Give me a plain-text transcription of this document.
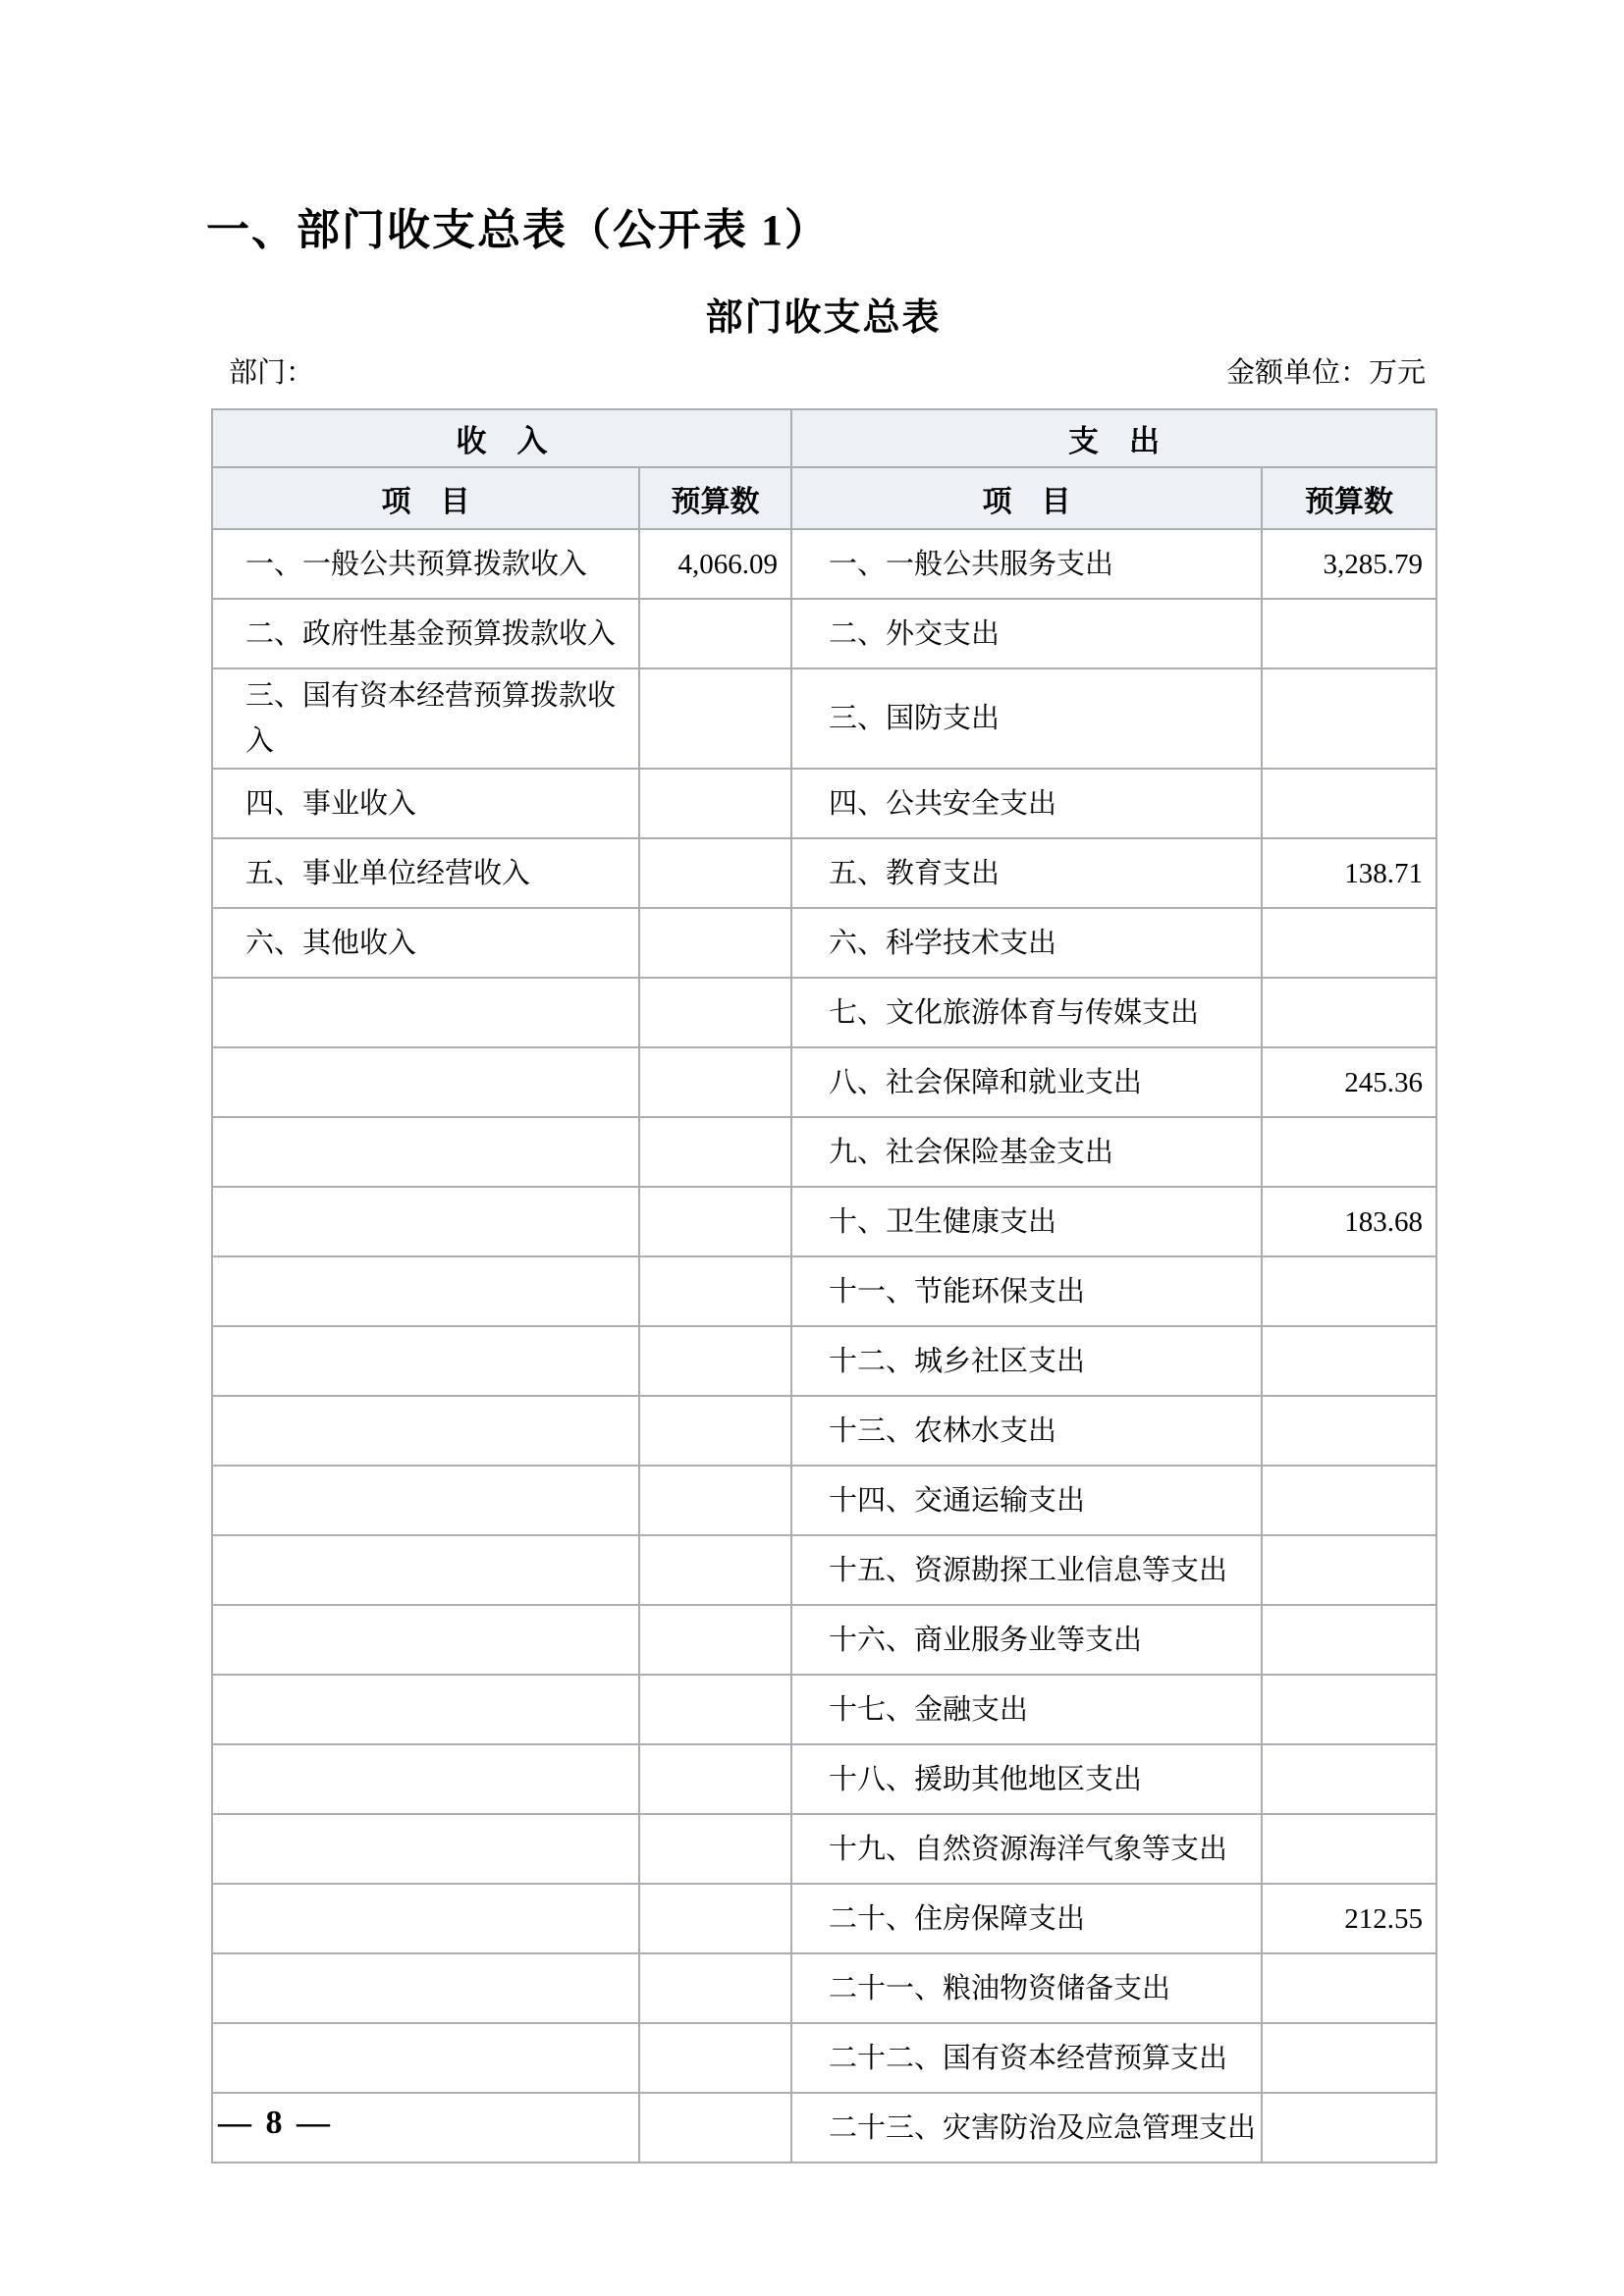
一、部门收支总表（公开表 1）
部门收支总表
部门：	金额单位：万元
收　入		支　出	
项　目	预算数	项　目	预算数
一、一般公共预算拨款收入	4,066.09	一、一般公共服务支出	3,285.79
二、政府性基金预算拨款收入		二、外交支出	
三、国有资本经营预算拨款收入		三、国防支出	
四、事业收入		四、公共安全支出	
五、事业单位经营收入		五、教育支出	138.71
六、其他收入		六、科学技术支出	
		七、文化旅游体育与传媒支出	
		八、社会保障和就业支出	245.36
		九、社会保险基金支出	
		十、卫生健康支出	183.68
		十一、节能环保支出	
		十二、城乡社区支出	
		十三、农林水支出	
		十四、交通运输支出	
		十五、资源勘探工业信息等支出	
		十六、商业服务业等支出	
		十七、金融支出	
		十八、援助其他地区支出	
		十九、自然资源海洋气象等支出	
		二十、住房保障支出	212.55
		二十一、粮油物资储备支出	
		二十二、国有资本经营预算支出	
		二十三、灾害防治及应急管理支出	
— 8 —
